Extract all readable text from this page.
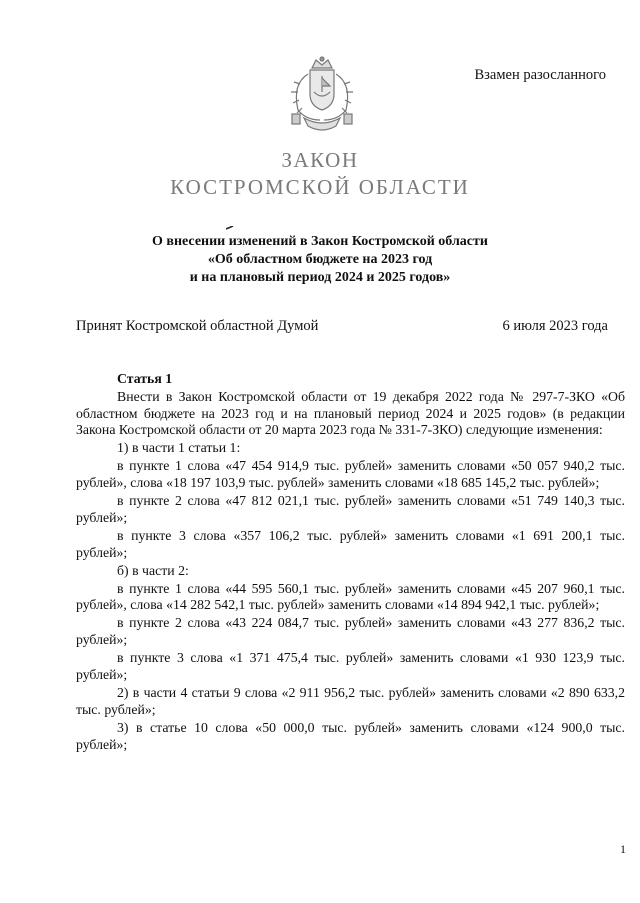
Взамен разосланного
ЗАКОН
КОСТРОМСКОЙ ОБЛАСТИ
О внесении изменений в Закон Костромской области
«Об областном бюджете на 2023 год
и на плановый период 2024 и 2025 годов»
Принят Костромской областной Думой	6 июля 2023 года
Статья 1

Внести в Закон Костромской области от 19 декабря 2022 года № 297-7-ЗКО «Об областном бюджете на 2023 год и на плановый период 2024 и 2025 годов» (в редакции Закона Костромской области от 20 марта 2023 года № 331-7-ЗКО) следующие изменения:

1) в части 1 статьи 1:

в пункте 1 слова «47 454 914,9 тыс. рублей» заменить словами «50 057 940,2 тыс. рублей», слова «18 197 103,9 тыс. рублей» заменить словами «18 685 145,2 тыс. рублей»;

в пункте 2 слова «47 812 021,1 тыс. рублей» заменить словами «51 749 140,3 тыс. рублей»;

в пункте 3 слова «357 106,2 тыс. рублей» заменить словами «1 691 200,1 тыс. рублей»;

б) в части 2:

в пункте 1 слова «44 595 560,1 тыс. рублей» заменить словами «45 207 960,1 тыс. рублей», слова «14 282 542,1 тыс. рублей» заменить словами «14 894 942,1 тыс. рублей»;

в пункте 2 слова «43 224 084,7 тыс. рублей» заменить словами «43 277 836,2 тыс. рублей»;

в пункте 3 слова «1 371 475,4 тыс. рублей» заменить словами «1 930 123,9 тыс. рублей»;

2) в части 4 статьи 9 слова «2 911 956,2 тыс. рублей» заменить словами «2 890 633,2 тыс. рублей»;

3) в статье 10 слова «50 000,0 тыс. рублей» заменить словами «124 900,0 тыс. рублей»;

1
